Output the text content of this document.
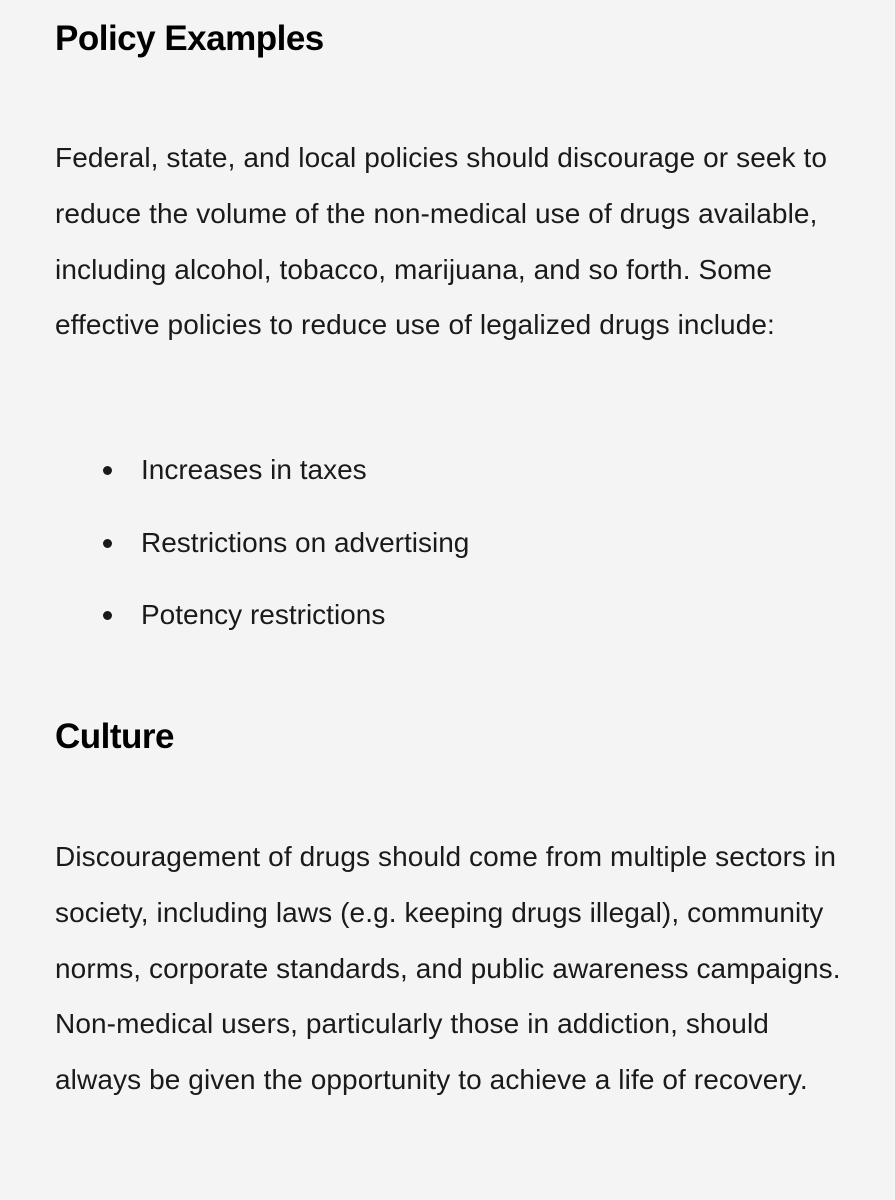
Policy Examples

Federal, state, and local policies should discourage or seek to reduce the volume of the non-medical use of drugs available, including alcohol, tobacco, marijuana, and so forth. Some effective policies to reduce use of legalized drugs include:

Increases in taxes
Restrictions on advertising
Potency restrictions
Culture

Discouragement of drugs should come from multiple sectors in society, including laws (e.g. keeping drugs illegal), community norms, corporate standards, and public awareness campaigns. Non-medical users, particularly those in addiction, should always be given the opportunity to achieve a life of recovery.
